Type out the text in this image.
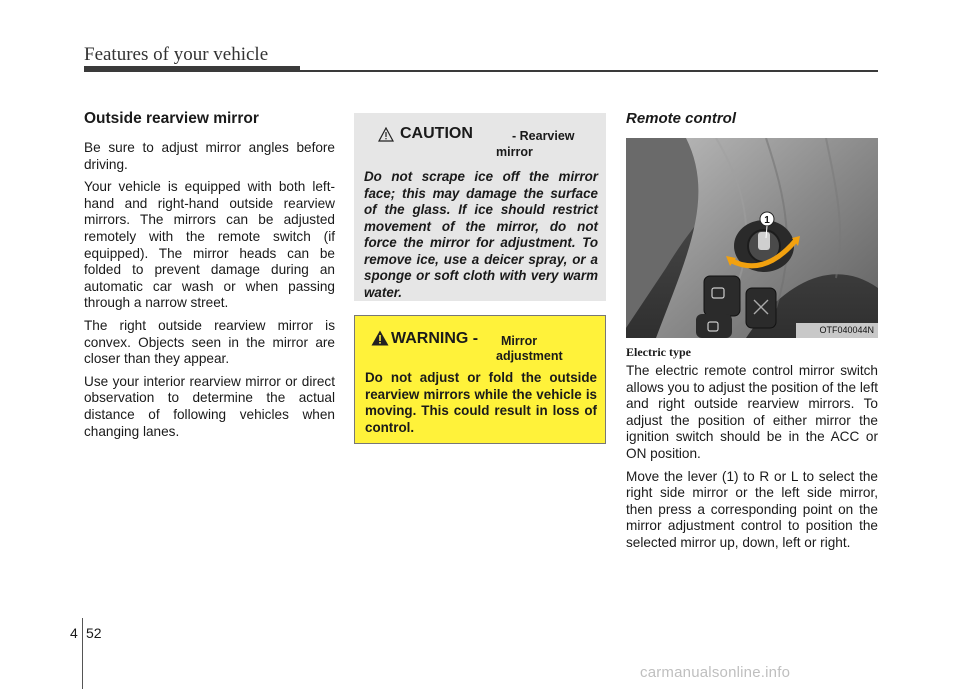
Features of your vehicle
Outside rearview mirror

Be sure to adjust mirror angles before driving.

Your vehicle is equipped with both left-hand and right-hand outside rearview mirrors. The mirrors can be adjusted remotely with the remote switch (if equipped). The mirror heads can be folded to prevent damage during an automatic car wash or when passing through a narrow street.

The right outside rearview mirror is convex. Objects seen in the mirror are closer than they appear.

Use your interior rearview mirror or direct observation to determine the actual distance of following vehicles when changing lanes.

CAUTION	- Rearview
mirror

Do not scrape ice off the mirror face; this may damage the surface of the glass. If ice should restrict movement of the mirror, do not force the mirror for adjustment. To remove ice, use a deicer spray, or a sponge or soft cloth with very warm water.

WARNING - Mirror
adjustment

Do not adjust or fold the outside rearview mirrors while the vehicle is moving. This could result in loss of control.

Remote control
1
OTF040044N
Electric type

The electric remote control mirror switch allows you to adjust the position of the left and right outside rearview mirrors. To adjust the position of either mirror the ignition switch should be in the ACC or ON position.

Move the lever (1) to R or L to select the right side mirror or the left side mirror, then press a corresponding point on the mirror adjustment control to position the selected mirror up, down, left or right.

4 52
carmanualsonline.info
